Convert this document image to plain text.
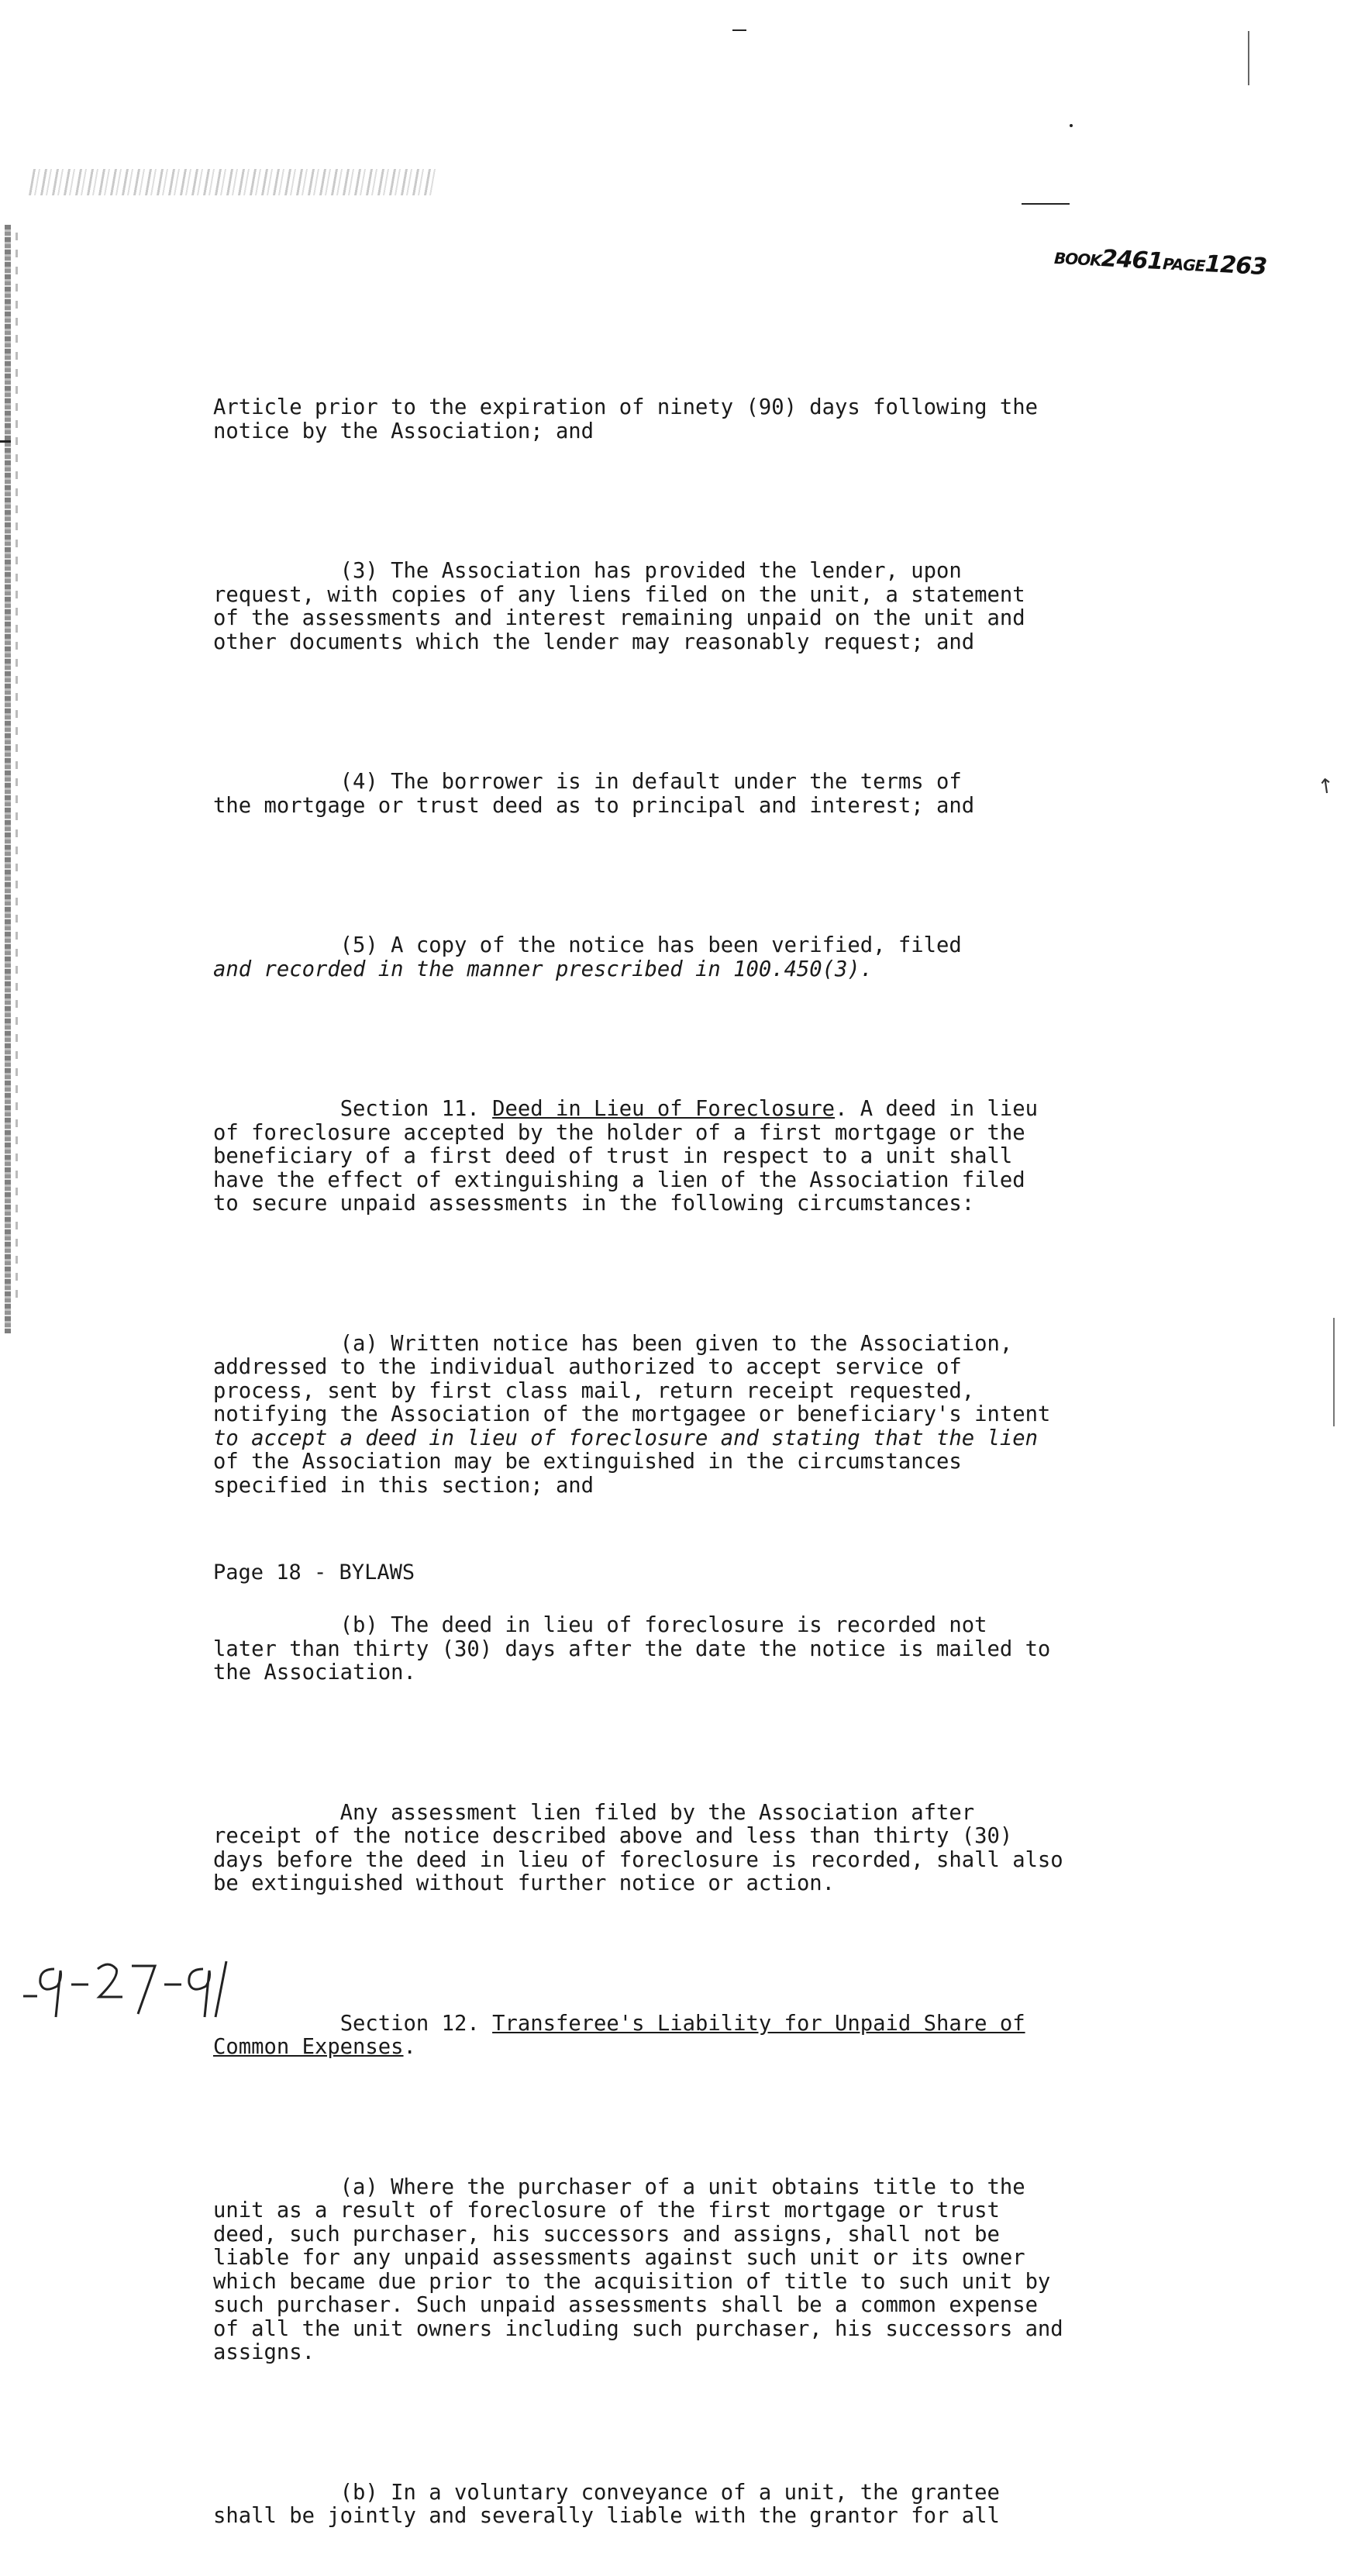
BOOK2461PAGE1263
↑

Article prior to the expiration of ninety (90) days following the
notice by the Association; and

(3) The Association has provided the lender, upon
request, with copies of any liens filed on the unit, a statement
of the assessments and interest remaining unpaid on the unit and
other documents which the lender may reasonably request; and

(4) The borrower is in default under the terms of
the mortgage or trust deed as to principal and interest; and

(5) A copy of the notice has been verified, filed
and recorded in the manner prescribed in 100.450(3).

Section 11. Deed in Lieu of Foreclosure. A deed in lieu
of foreclosure accepted by the holder of a first mortgage or the
beneficiary of a first deed of trust in respect to a unit shall
have the effect of extinguishing a lien of the Association filed
to secure unpaid assessments in the following circumstances:

(a) Written notice has been given to the Association,
addressed to the individual authorized to accept service of
process, sent by first class mail, return receipt requested,
notifying the Association of the mortgagee or beneficiary's intent
to accept a deed in lieu of foreclosure and stating that the lien
of the Association may be extinguished in the circumstances
specified in this section; and

(b) The deed in lieu of foreclosure is recorded not
later than thirty (30) days after the date the notice is mailed to
the Association.

Any assessment lien filed by the Association after
receipt of the notice described above and less than thirty (30)
days before the deed in lieu of foreclosure is recorded, shall also
be extinguished without further notice or action.

Section 12. Transferee's Liability for Unpaid Share of
Common Expenses.

(a) Where the purchaser of a unit obtains title to the
unit as a result of foreclosure of the first mortgage or trust
deed, such purchaser, his successors and assigns, shall not be
liable for any unpaid assessments against such unit or its owner
which became due prior to the acquisition of title to such unit by
such purchaser. Such unpaid assessments shall be a common expense
of all the unit owners including such purchaser, his successors and
assigns.

(b) In a voluntary conveyance of a unit, the grantee
shall be jointly and severally liable with the grantor for all

Page 18 - BYLAWS
